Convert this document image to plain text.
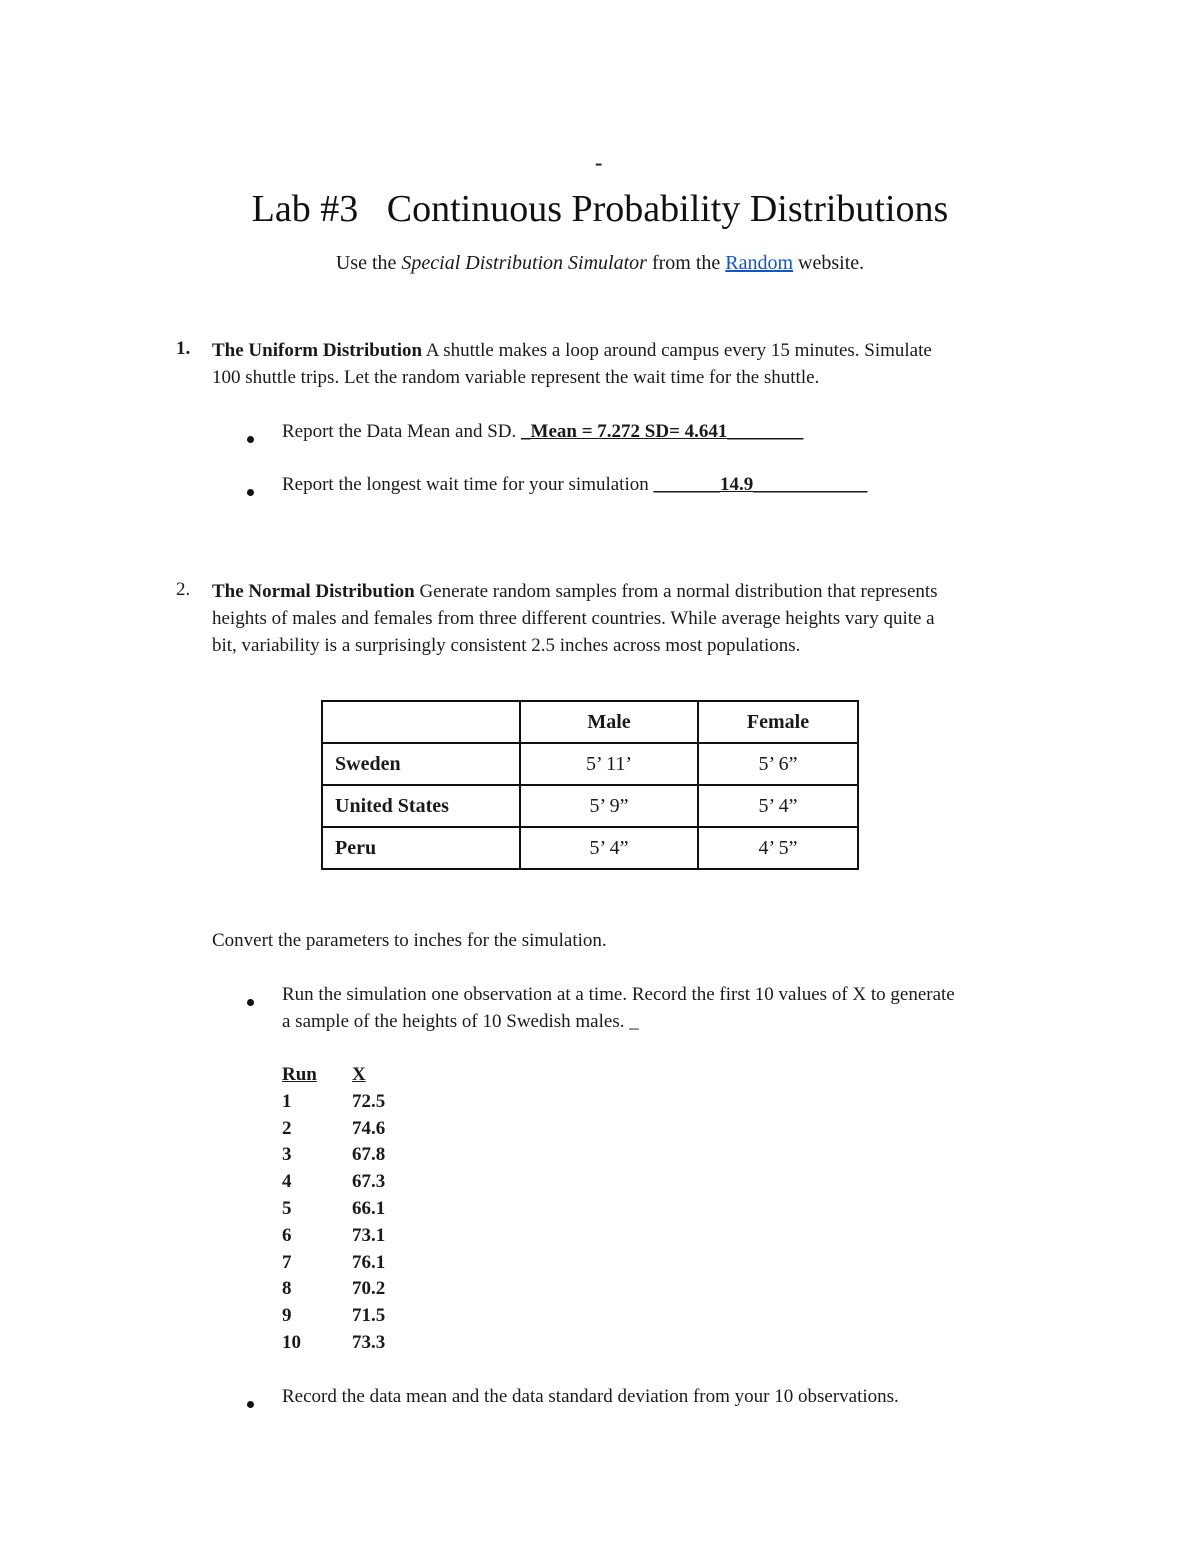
-
Lab #3   Continuous Probability Distributions
Use the Special Distribution Simulator from the Random website.
1. The Uniform Distribution A shuttle makes a loop around campus every 15 minutes. Simulate
100 shuttle trips. Let the random variable represent the wait time for the shuttle.
Report the Data Mean and SD. _Mean = 7.272 SD= 4.641________
Report the longest wait time for your simulation _______14.9____________
2. The Normal Distribution Generate random samples from a normal distribution that represents
heights of males and females from three different countries. While average heights vary quite a
bit, variability is a surprisingly consistent 2.5 inches across most populations.
	Male	Female
Sweden	5’ 11’	5’ 6”
United States	5’ 9”	5’ 4”
Peru	5’ 4”	4’ 5”
Convert the parameters to inches for the simulation.
Run the simulation one observation at a time. Record the first 10 values of X to generate
a sample of the heights of 10 Swedish males. _
Run X
1	72.5
2	74.6
3	67.8
4	67.3
5	66.1
6	73.1
7	76.1
8	70.2
9	71.5
10	73.3
Record the data mean and the data standard deviation from your 10 observations.
